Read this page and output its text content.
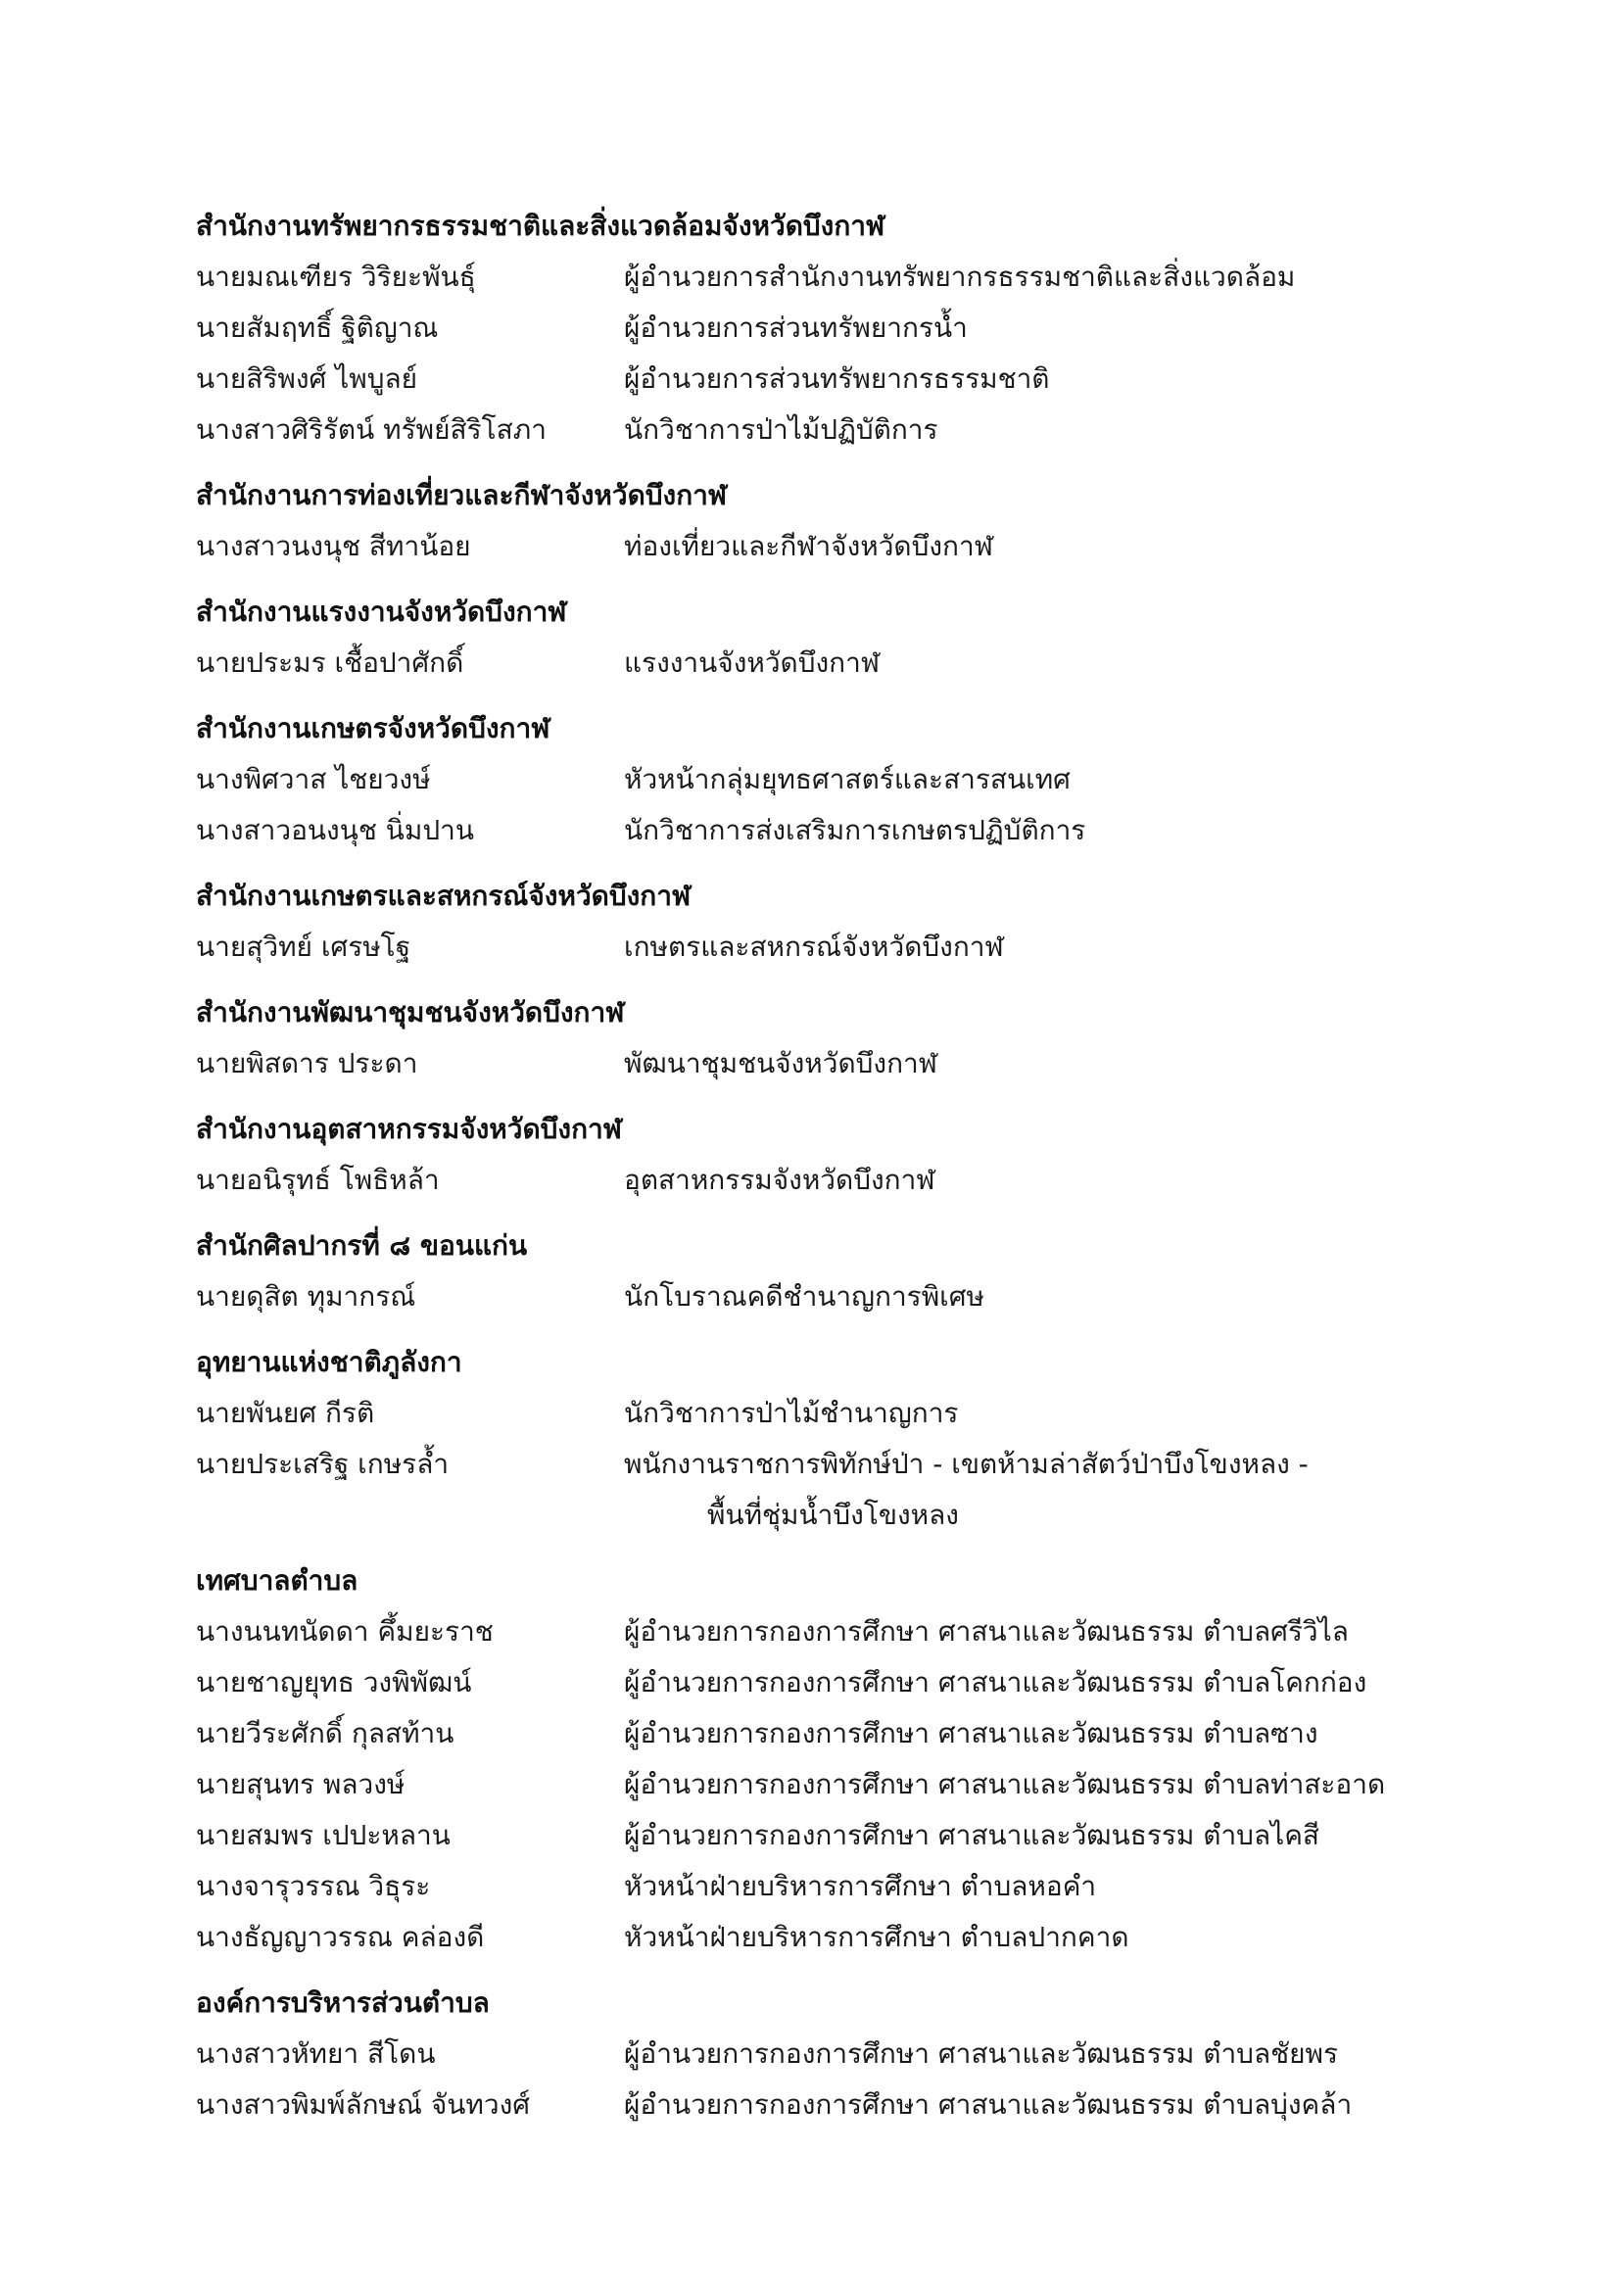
สำนักงานทรัพยากรธรรมชาติและสิ่งแวดล้อมจังหวัดบึงกาฬ
นายมณเฑียร วิริยะพันธุ์	ผู้อำนวยการสำนักงานทรัพยากรธรรมชาติและสิ่งแวดล้อม
นายสัมฤทธิ์ ฐิติญาณ	ผู้อำนวยการส่วนทรัพยากรน้ำ
นายสิริพงศ์ ไพบูลย์	ผู้อำนวยการส่วนทรัพยากรธรรมชาติ
นางสาวศิริรัตน์ ทรัพย์สิริโสภา	นักวิชาการป่าไม้ปฏิบัติการ
สำนักงานการท่องเที่ยวและกีฬาจังหวัดบึงกาฬ
นางสาวนงนุช สีทาน้อย	ท่องเที่ยวและกีฬาจังหวัดบึงกาฬ
สำนักงานแรงงานจังหวัดบึงกาฬ
นายประมร เชื้อปาศักดิ์	แรงงานจังหวัดบึงกาฬ
สำนักงานเกษตรจังหวัดบึงกาฬ
นางพิศวาส ไชยวงษ์	หัวหน้ากลุ่มยุทธศาสตร์และสารสนเทศ
นางสาวอนงนุช นิ่มปาน	นักวิชาการส่งเสริมการเกษตรปฏิบัติการ
สำนักงานเกษตรและสหกรณ์จังหวัดบึงกาฬ
นายสุวิทย์ เศรษโฐ	เกษตรและสหกรณ์จังหวัดบึงกาฬ
สำนักงานพัฒนาชุมชนจังหวัดบึงกาฬ
นายพิสดาร ประดา	พัฒนาชุมชนจังหวัดบึงกาฬ
สำนักงานอุตสาหกรรมจังหวัดบึงกาฬ
นายอนิรุทธ์ โพธิหล้า	อุตสาหกรรมจังหวัดบึงกาฬ
สำนักศิลปากรที่ ๘ ขอนแก่น
นายดุสิต ทุมากรณ์	นักโบราณคดีชำนาญการพิเศษ
อุทยานแห่งชาติภูลังกา
นายพันยศ กีรติ	นักวิชาการป่าไม้ชำนาญการ
นายประเสริฐ เกษรล้ำ	พนักงานราชการพิทักษ์ป่า - เขตห้ามล่าสัตว์ป่าบึงโขงหลง -
พื้นที่ชุ่มน้ำบึงโขงหลง
เทศบาลตำบล
นางนนทนัดดา คึ้มยะราช	ผู้อำนวยการกองการศึกษา ศาสนาและวัฒนธรรม ตำบลศรีวิไล
นายชาญยุทธ วงพิพัฒน์	ผู้อำนวยการกองการศึกษา ศาสนาและวัฒนธรรม ตำบลโคกก่อง
นายวีระศักดิ์ กุลสท้าน	ผู้อำนวยการกองการศึกษา ศาสนาและวัฒนธรรม ตำบลซาง
นายสุนทร พลวงษ์	ผู้อำนวยการกองการศึกษา ศาสนาและวัฒนธรรม ตำบลท่าสะอาด
นายสมพร เปปะหลาน	ผู้อำนวยการกองการศึกษา ศาสนาและวัฒนธรรม ตำบลไคสี
นางจารุวรรณ วิธุระ	หัวหน้าฝ่ายบริหารการศึกษา ตำบลหอคำ
นางธัญญาวรรณ คล่องดี	หัวหน้าฝ่ายบริหารการศึกษา ตำบลปากคาด
องค์การบริหารส่วนตำบล
นางสาวหัทยา สีโดน	ผู้อำนวยการกองการศึกษา ศาสนาและวัฒนธรรม ตำบลชัยพร
นางสาวพิมพ์ลักษณ์ จันทวงศ์	ผู้อำนวยการกองการศึกษา ศาสนาและวัฒนธรรม ตำบลบุ่งคล้า
